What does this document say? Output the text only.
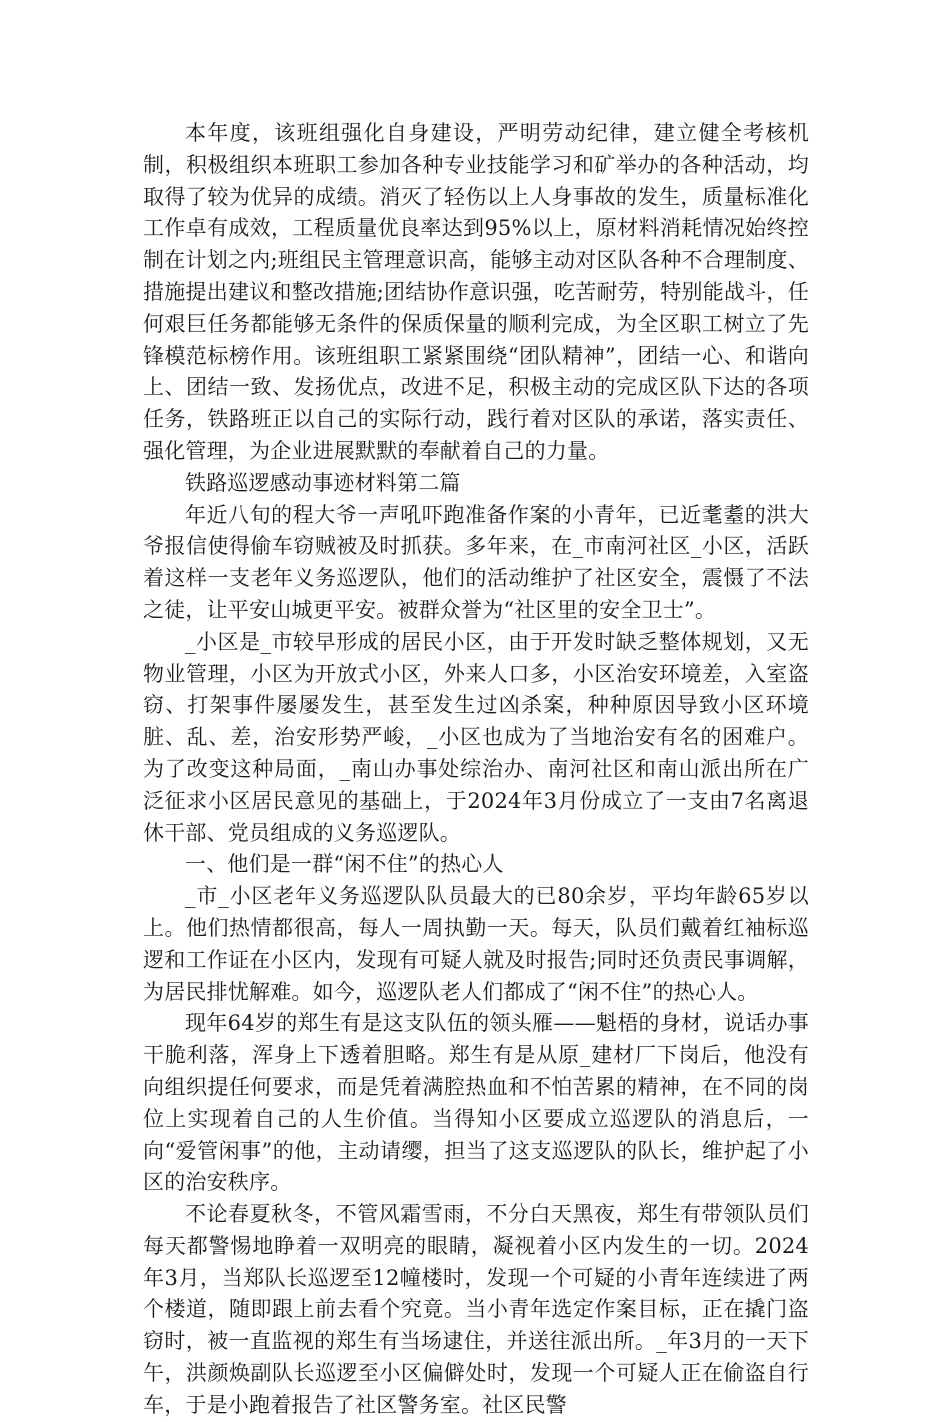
本年度，该班组强化自身建设，严明劳动纪律，建立健全考核机制，积极组织本班职工参加各种专业技能学习和矿举办的各种活动，均取得了较为优异的成绩。消灭了轻伤以上人身事故的发生，质量标准化工作卓有成效，工程质量优良率达到95%以上，原材料消耗情况始终控制在计划之内;班组民主管理意识高，能够主动对区队各种不合理制度、措施提出建议和整改措施;团结协作意识强，吃苦耐劳，特别能战斗，任何艰巨任务都能够无条件的保质保量的顺利完成，为全区职工树立了先锋模范标榜作用。该班组职工紧紧围绕“团队精神”，团结一心、和谐向上、团结一致、发扬优点，改进不足，积极主动的完成区队下达的各项任务，铁路班正以自己的实际行动，践行着对区队的承诺，落实责任、强化管理，为企业进展默默的奉献着自己的力量。

铁路巡逻感动事迹材料第二篇

年近八旬的程大爷一声吼吓跑准备作案的小青年，已近耄耋的洪大爷报信使得偷车窃贼被及时抓获。多年来，在_市南河社区_小区，活跃着这样一支老年义务巡逻队，他们的活动维护了社区安全，震慑了不法之徒，让平安山城更平安。被群众誉为“社区里的安全卫士”。

_小区是_市较早形成的居民小区，由于开发时缺乏整体规划，又无物业管理，小区为开放式小区，外来人口多，小区治安环境差，入室盗窃、打架事件屡屡发生，甚至发生过凶杀案，种种原因导致小区环境脏、乱、差，治安形势严峻，_小区也成为了当地治安有名的困难户。为了改变这种局面，_南山办事处综治办、南河社区和南山派出所在广泛征求小区居民意见的基础上，于2024年3月份成立了一支由7名离退休干部、党员组成的义务巡逻队。

一、他们是一群“闲不住”的热心人

_市_小区老年义务巡逻队队员最大的已80余岁，平均年龄65岁以上。他们热情都很高，每人一周执勤一天。每天，队员们戴着红袖标巡逻和工作证在小区内，发现有可疑人就及时报告;同时还负责民事调解，为居民排忧解难。如今，巡逻队老人们都成了“闲不住”的热心人。

现年64岁的郑生有是这支队伍的领头雁——魁梧的身材，说话办事干脆利落，浑身上下透着胆略。郑生有是从原_建材厂下岗后，他没有向组织提任何要求，而是凭着满腔热血和不怕苦累的精神，在不同的岗位上实现着自己的人生价值。当得知小区要成立巡逻队的消息后，一向“爱管闲事”的他，主动请缨，担当了这支巡逻队的队长，维护起了小区的治安秩序。

不论春夏秋冬，不管风霜雪雨，不分白天黑夜，郑生有带领队员们每天都警惕地睁着一双明亮的眼睛，凝视着小区内发生的一切。2024年3月，当郑队长巡逻至12幢楼时，发现一个可疑的小青年连续进了两个楼道，随即跟上前去看个究竟。当小青年选定作案目标，正在撬门盗窃时，被一直监视的郑生有当场逮住，并送往派出所。_年3月的一天下午，洪颜焕副队长巡逻至小区偏僻处时，发现一个可疑人正在偷盗自行车，于是小跑着报告了社区警务室。社区民警
